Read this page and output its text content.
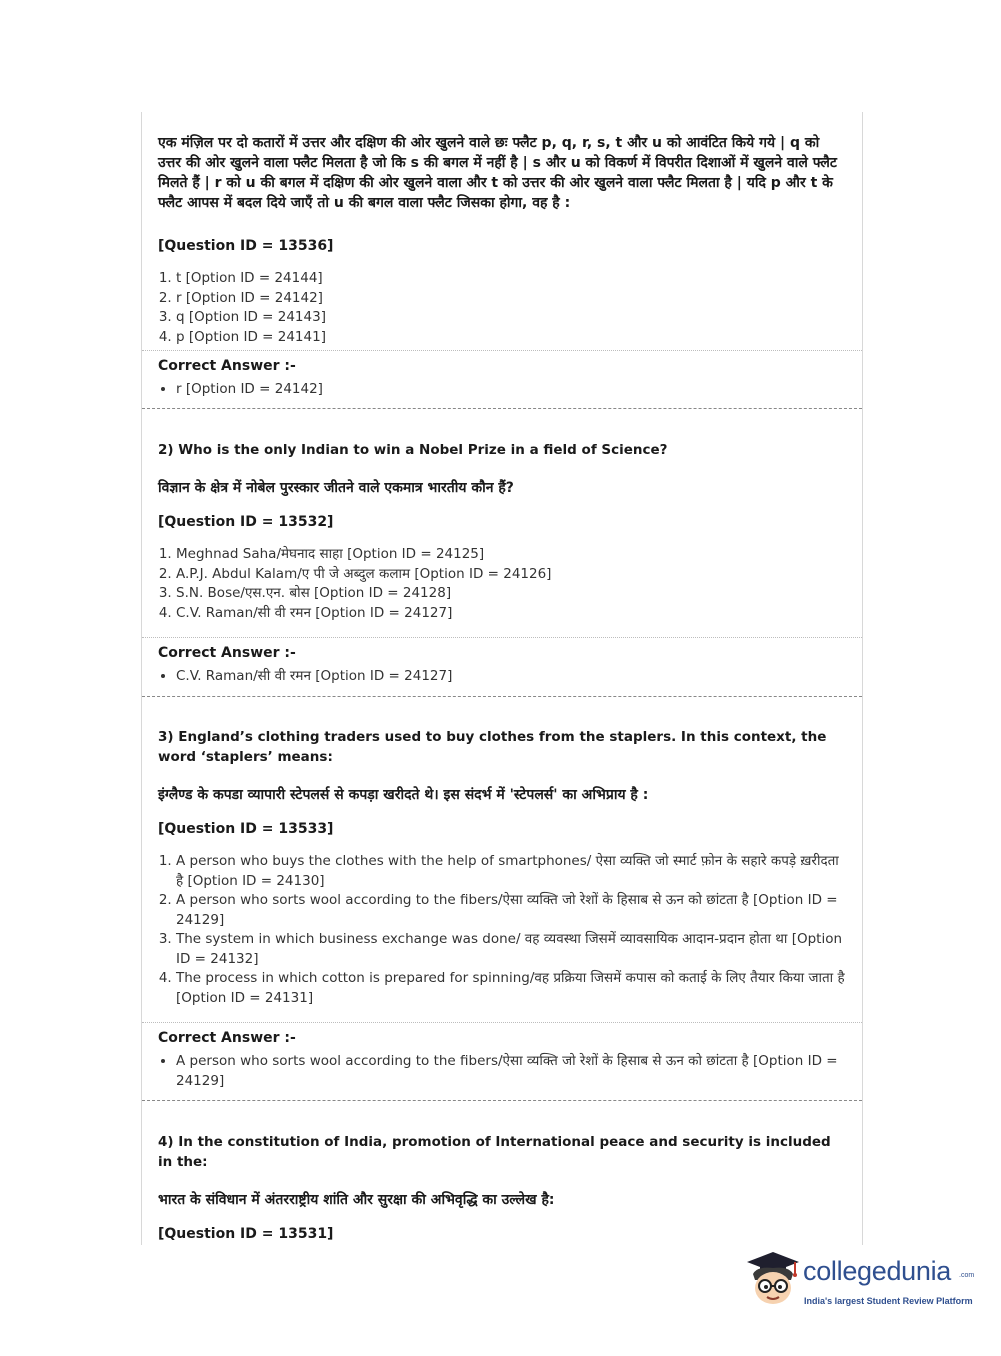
एक मंज़िल पर दो कतारों में उत्तर और दक्षिण की ओर खुलने वाले छः फ्लैट p, q, r, s, t और u को आवंटित किये गये | q को उत्तर की ओर खुलने वाला फ्लैट मिलता है जो कि s की बगल में नहीं है | s और u को विकर्ण में विपरीत दिशाओं में खुलने वाले फ्लैट मिलते हैं | r को u की बगल में दक्षिण की ओर खुलने वाला और t को उत्तर की ओर खुलने वाला फ्लैट मिलता है | यदि p और t के फ्लैट आपस में बदल दिये जाएँ तो u की बगल वाला फ्लैट जिसका होगा, वह है :

[Question ID = 13536]

1. t [Option ID = 24144]
2. r [Option ID = 24142]
3. q [Option ID = 24143]
4. p [Option ID = 24141]

Correct Answer :-

• r [Option ID = 24142]

2) Who is the only Indian to win a Nobel Prize in a field of Science?

विज्ञान के क्षेत्र में नोबेल पुरस्कार जीतने वाले एकमात्र भारतीय कौन हैं?

[Question ID = 13532]

1. Meghnad Saha/मेघनाद साहा [Option ID = 24125]
2. A.P.J. Abdul Kalam/ए पी जे अब्दुल कलाम [Option ID = 24126]
3. S.N. Bose/एस.एन. बोस [Option ID = 24128]
4. C.V. Raman/सी वी रमन [Option ID = 24127]

Correct Answer :-

• C.V. Raman/सी वी रमन [Option ID = 24127]

3) England’s clothing traders used to buy clothes from the staplers. In this context, the word ‘staplers’ means:

इंग्लैण्ड के कपडा व्यापारी स्टेपलर्स से कपड़ा खरीदते थे। इस संदर्भ में 'स्टेपलर्स' का अभिप्राय है :

[Question ID = 13533]

1. A person who buys the clothes with the help of smartphones/ ऐसा व्यक्ति जो स्मार्ट फ़ोन के सहारे कपड़े ख़रीदता है [Option ID = 24130]
2. A person who sorts wool according to the fibers/ऐसा व्यक्ति जो रेशों के हिसाब से ऊन को छांटता है [Option ID = 24129]
3. The system in which business exchange was done/ वह व्यवस्था जिसमें व्यावसायिक आदान-प्रदान होता था [Option ID = 24132]
4. The process in which cotton is prepared for spinning/वह प्रक्रिया जिसमें कपास को कताई के लिए तैयार किया जाता है [Option ID = 24131]

Correct Answer :-

• A person who sorts wool according to the fibers/ऐसा व्यक्ति जो रेशों के हिसाब से ऊन को छांटता है [Option ID = 24129]

4) In the constitution of India, promotion of International peace and security is included in the:

भारत के संविधान में अंतरराष्ट्रीय शांति और सुरक्षा की अभिवृद्धि का उल्लेख है:

[Question ID = 13531]

collegedunia .com
India's largest Student Review Platform
